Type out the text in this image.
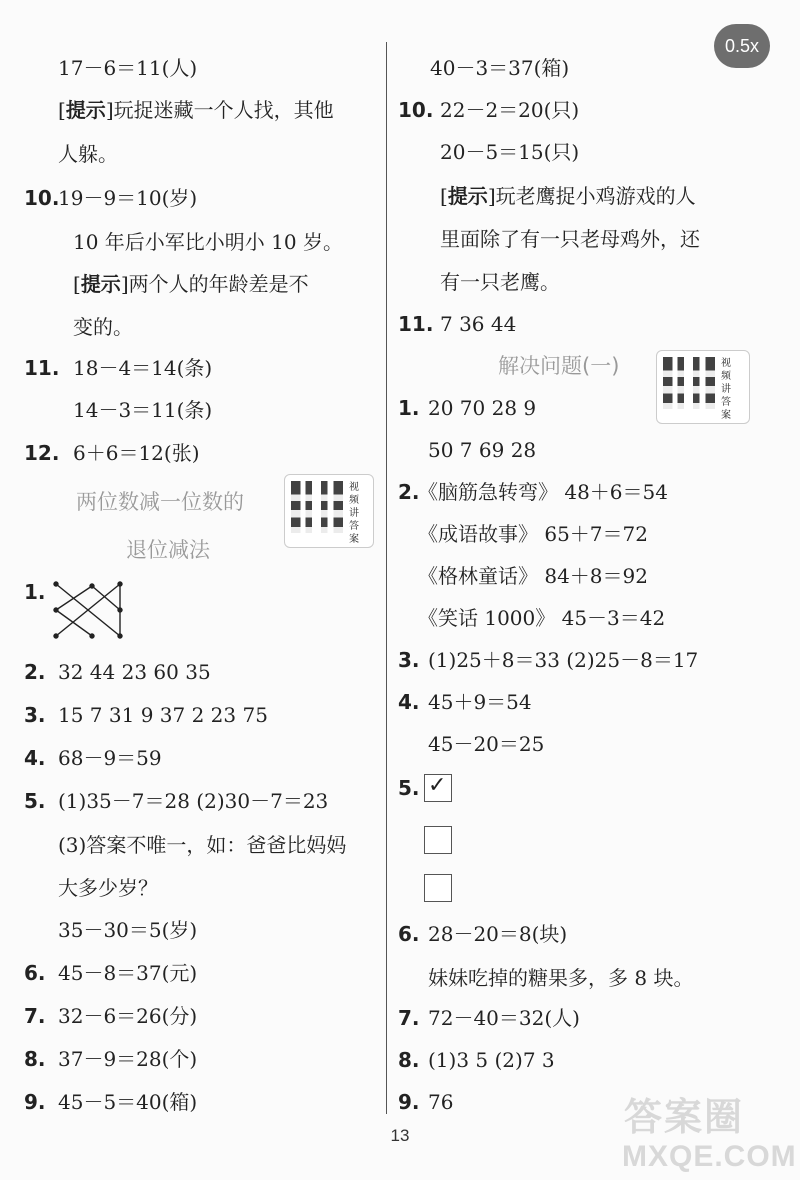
0.5x
17－6＝11(人)
[提示]玩捉迷藏一个人找，其他
人躲。
10.19－9＝10(岁)
10 年后小军比小明小 10 岁。
[提示]两个人的年龄差是不
变的。
11. 18－4＝14(条)
14－3＝11(条)
12. 6＋6＝12(张)
两位数减一位数的
退位减法
视频讲答案
1.
2. 32 44 23 60 35
3. 15 7 31 9 37 2 23 75
4. 68－9＝59
5. (1)35－7＝28 (2)30－7＝23
(3)答案不唯一，如：爸爸比妈妈
大多少岁？
35－30＝5(岁)
6. 45－8＝37(元)
7. 32－6＝26(分)
8. 37－9＝28(个)
9. 45－5＝40(箱)
40－3＝37(箱)
10. 22－2＝20(只)
20－5＝15(只)
[提示]玩老鹰捉小鸡游戏的人
里面除了有一只老母鸡外，还
有一只老鹰。
11. 7 36 44
解决问题(一)	视频讲答案
1. 20 70 28 9
50 7 69 28
2.《脑筋急转弯》 48＋6＝54
《成语故事》 65＋7＝72
《格林童话》 84＋8＝92
《笑话 1000》 45－3＝42
3. (1)25＋8＝33 (2)25－8＝17
4. 45＋9＝54
45－20＝25
5. ✓
6. 28－20＝8(块)
妹妹吃掉的糖果多，多 8 块。
7. 72－40＝32(人)
8. (1)3 5 (2)7 3
9. 76
13	答案圈
MXQE.COM
